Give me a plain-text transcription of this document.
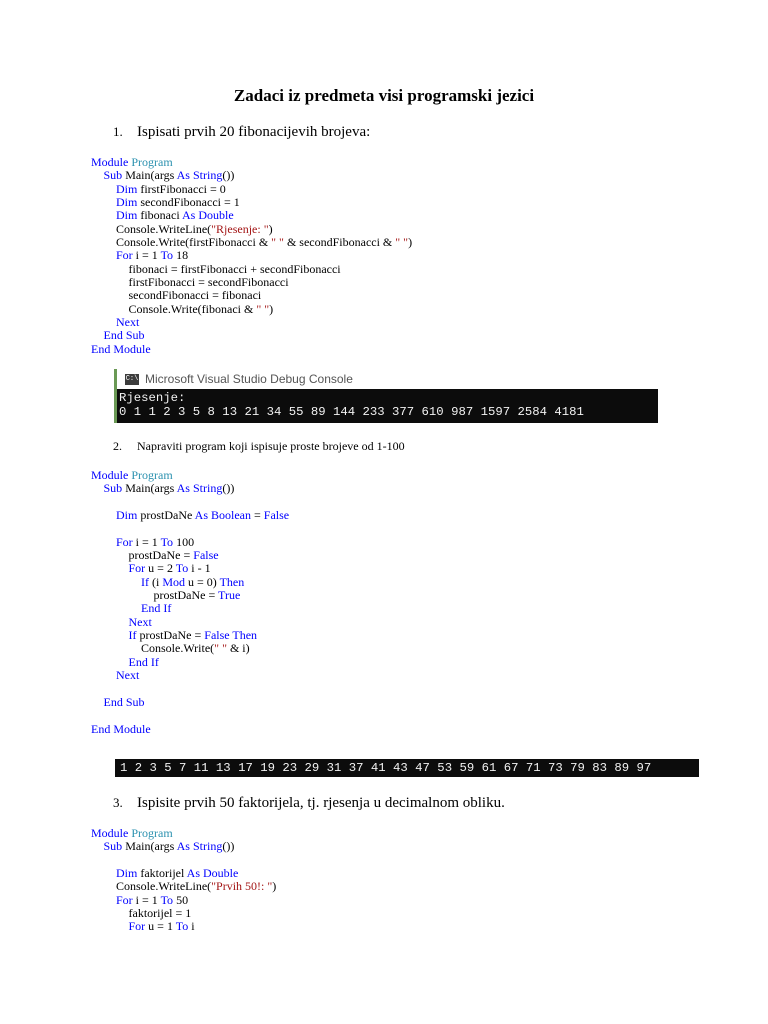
Zadaci iz predmeta visi programski jezici
1. Ispisati prvih 20 fibonacijevih brojeva:
Module Program
Sub Main(args As String())
Dim firstFibonacci = 0
Dim secondFibonacci = 1
Dim fibonaci As Double
Console.WriteLine("Rjesenje: ")
Console.Write(firstFibonacci & " " & secondFibonacci & " ")
For i = 1 To 18
fibonaci = firstFibonacci + secondFibonacci
firstFibonacci = secondFibonacci
secondFibonacci = fibonaci
Console.Write(fibonaci & " ")
Next
End Sub
End Module
C:\ Microsoft Visual Studio Debug Console
Rjesenje:
0 1 1 2 3 5 8 13 21 34 55 89 144 233 377 610 987 1597 2584 4181
2. Napraviti program koji ispisuje proste brojeve od 1-100
Module Program
Sub Main(args As String())
Dim prostDaNe As Boolean = False
For i = 1 To 100
prostDaNe = False
For u = 2 To i - 1
If (i Mod u = 0) Then
prostDaNe = True
End If
Next
If prostDaNe = False Then
Console.Write(" " & i)
End If
Next
End Sub
End Module
1 2 3 5 7 11 13 17 19 23 29 31 37 41 43 47 53 59 61 67 71 73 79 83 89 97
3. Ispisite prvih 50 faktorijela, tj. rjesenja u decimalnom obliku.
Module Program
Sub Main(args As String())
Dim faktorijel As Double
Console.WriteLine("Prvih 50!: ")
For i = 1 To 50
faktorijel = 1
For u = 1 To i
